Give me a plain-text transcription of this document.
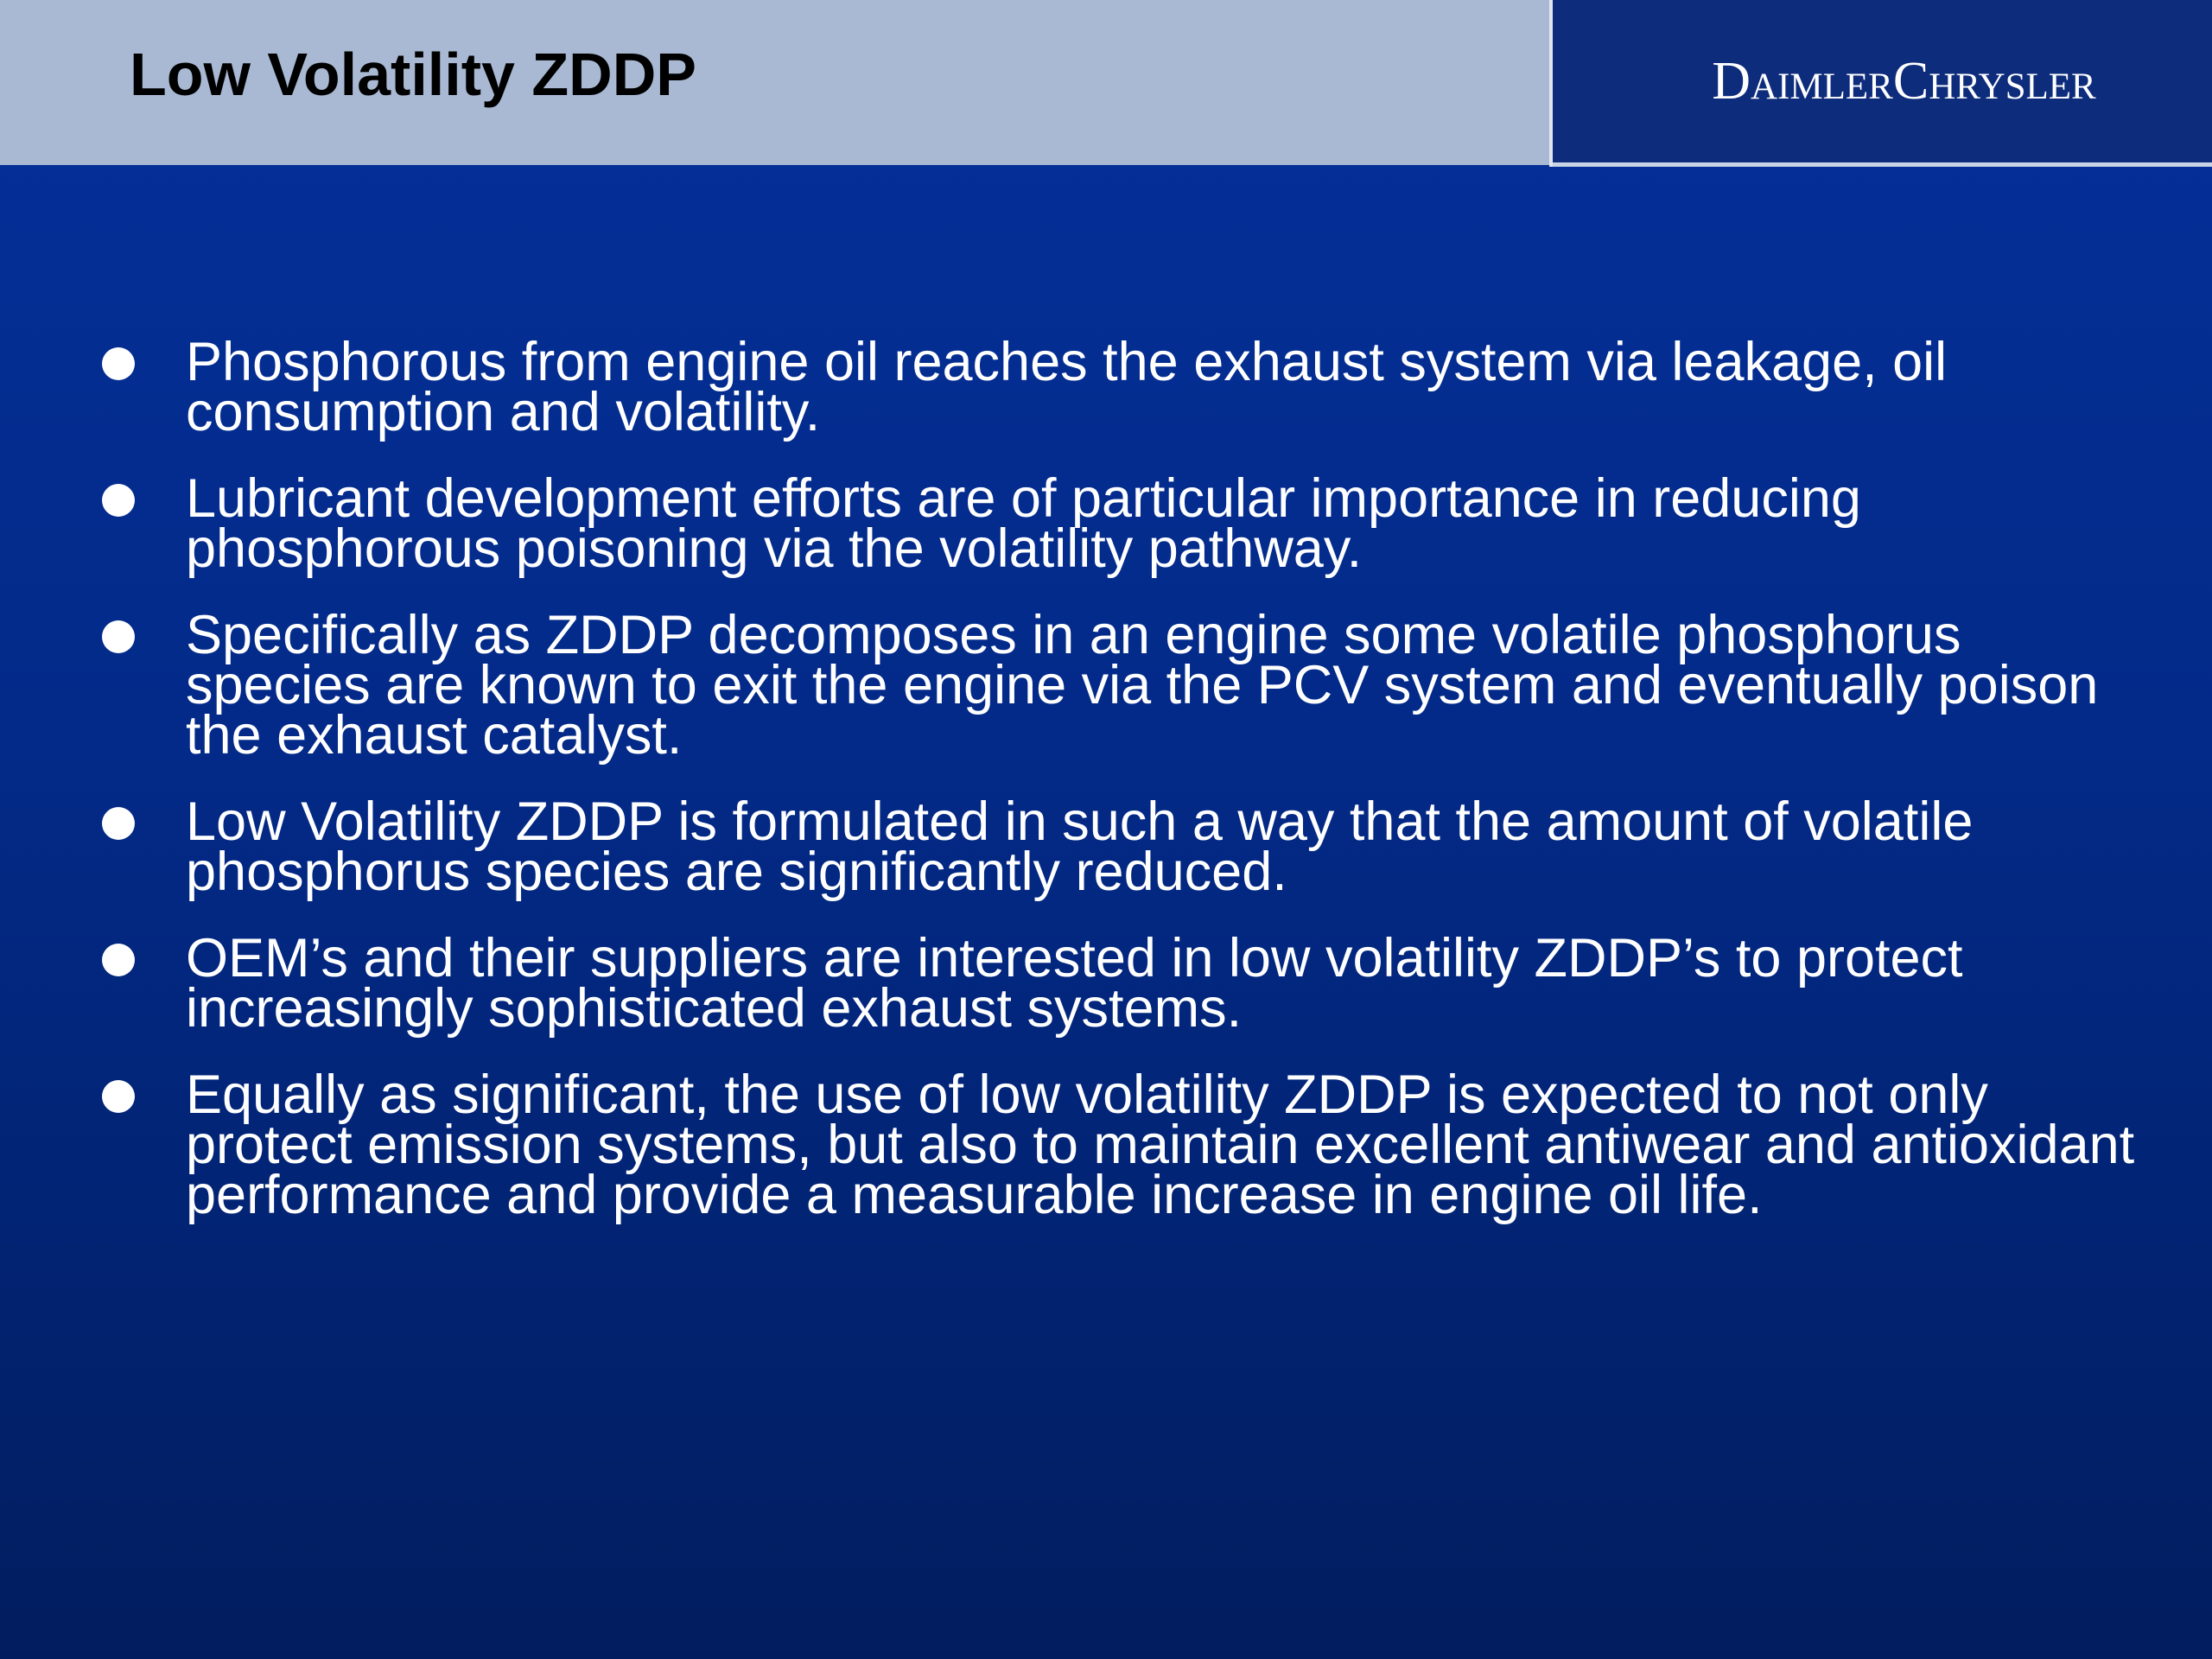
Low Volatility ZDDP	DaimlerChrysler
Phosphorous from engine oil reaches the exhaust system via leakage, oil consumption and volatility.
Lubricant development efforts are of particular importance in reducing phosphorous poisoning via the volatility pathway.
Specifically as ZDDP decomposes in an engine some volatile phosphorus species are known to exit the engine via the PCV system and eventually poison the exhaust catalyst.
Low Volatility ZDDP is formulated in such a way that the amount of volatile phosphorus species are significantly reduced.
OEM’s and their suppliers are interested in low volatility ZDDP’s to protect increasingly sophisticated exhaust systems.
Equally as significant, the use of low volatility ZDDP is expected to not only protect emission systems, but also to maintain excellent antiwear and antioxidant performance and provide a measurable increase in engine oil life.
